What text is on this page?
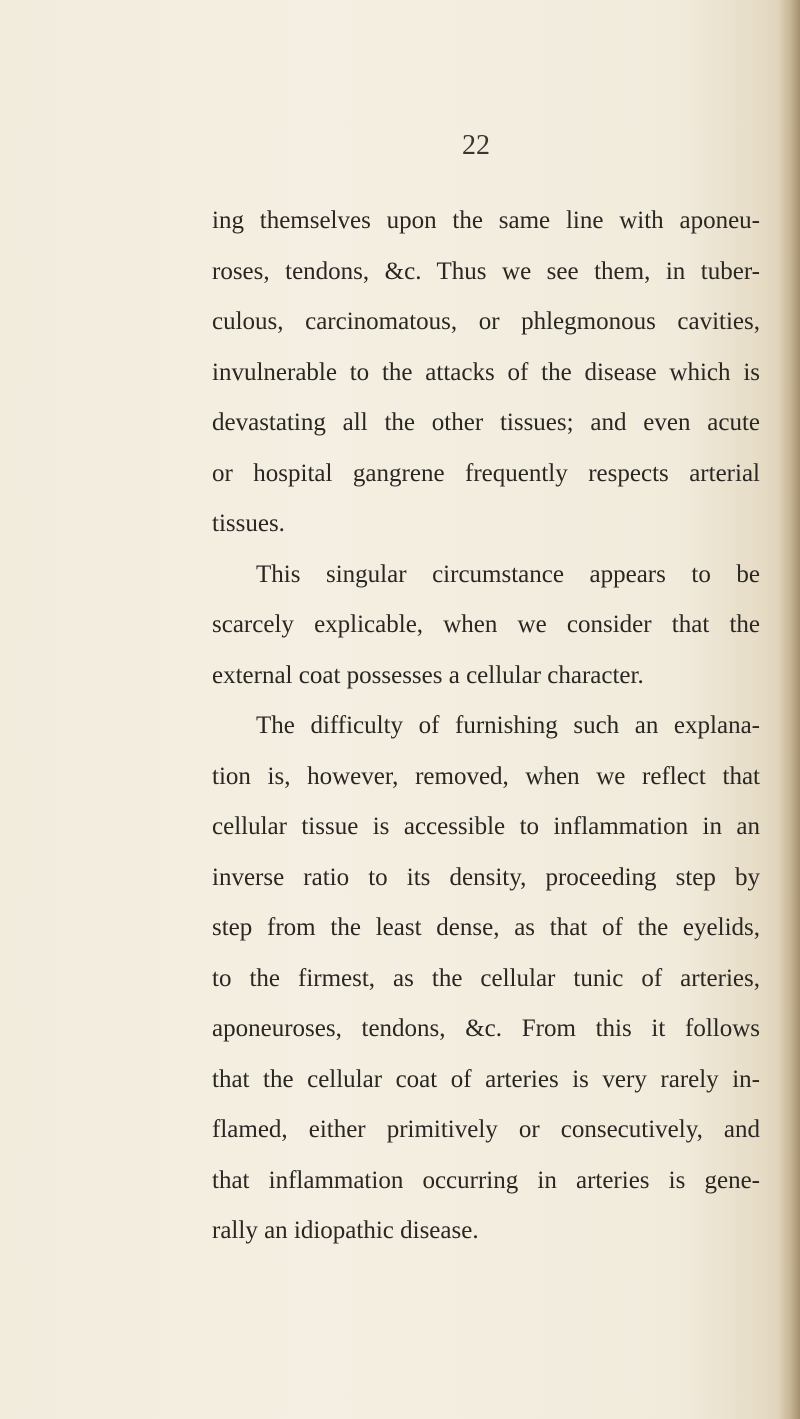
22

ing themselves upon the same line with aponeu-
roses, tendons, &c. Thus we see them, in tuber-
culous, carcinomatous, or phlegmonous cavities,
invulnerable to the attacks of the disease which is
devastating all the other tissues; and even acute
or hospital gangrene frequently respects arterial
tissues.
This singular circumstance appears to be
scarcely explicable, when we consider that the
external coat possesses a cellular character.
The difficulty of furnishing such an explana-
tion is, however, removed, when we reflect that
cellular tissue is accessible to inflammation in an
inverse ratio to its density, proceeding step by
step from the least dense, as that of the eyelids,
to the firmest, as the cellular tunic of arteries,
aponeuroses, tendons, &c. From this it follows
that the cellular coat of arteries is very rarely in-
flamed, either primitively or consecutively, and
that inflammation occurring in arteries is gene-
rally an idiopathic disease.
